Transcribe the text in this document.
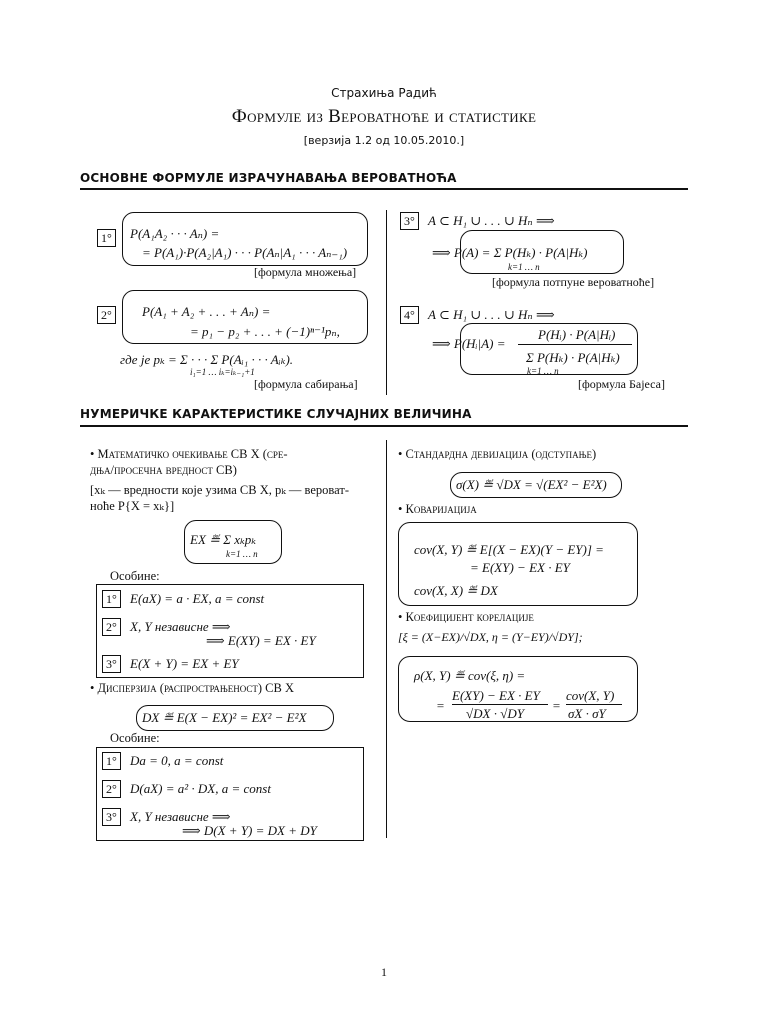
Страхиња Радић
Формуле из Вероватноће и статистике
[верзија 1.2 од 10.05.2010.]
ОСНОВНЕ ФОРМУЛЕ ИЗРАЧУНАВАЊА ВЕРОВАТНОЋА
1°	P(A₁A₂ · · · Aₙ) =
= P(A₁)·P(A₂|A₁) · · · P(Aₙ|A₁ · · · Aₙ₋₁)
[формула множења]
2°	P(A₁ + A₂ + . . . + Aₙ) =
= p₁ − p₂ + . . . + (−1)ⁿ⁻¹pₙ,
где је pₖ = Σ · · · Σ P(Aᵢ₁ · · · Aᵢₖ).
i₁=1 … iₖ=iₖ₋₁+1
[формула сабирања]
3°	A ⊂ H₁ ∪ . . . ∪ Hₙ ⟹
⟹ P(A) = Σ P(Hₖ) · P(A|Hₖ)
k=1 … n
[формула потпуне вероватноће]
4°	A ⊂ H₁ ∪ . . . ∪ Hₙ ⟹
⟹ P(Hᵢ|A) =
P(Hᵢ) · P(A|Hᵢ)
Σ P(Hₖ) · P(A|Hₖ)
k=1 … n
[формула Бајеса]
НУМЕРИЧКЕ КАРАКТЕРИСТИКЕ СЛУЧАЈНИХ ВЕЛИЧИНА
• Математичко очекивање СВ X (сре-
дња/просечна вредност СВ)
[xₖ — вредности које узима СВ X, pₖ — вероват-
ноће P{X = xₖ}]
EX ≝ Σ xₖpₖ
k=1 … n
Особине:
1°	E(aX) = a · EX, a = const
2°	X, Y независне ⟹
⟹ E(XY) = EX · EY
3°	E(X + Y) = EX + EY
• Дисперзија (распрострањеност) СВ X
DX ≝ E(X − EX)² = EX² − E²X
Особине:
1°	Da = 0, a = const
2°	D(aX) = a² · DX, a = const
3°	X, Y независне ⟹
⟹ D(X + Y) = DX + DY
• Стандардна девијација (одступање)
σ(X) ≝ √DX = √(EX² − E²X)
• Коваријација
cov(X, Y) ≝ E[(X − EX)(Y − EY)] =
= E(XY) − EX · EY
cov(X, X) ≝ DX
• Коефицијент корелације
[ξ = (X−EX)/√DX, η = (Y−EY)/√DY];
ρ(X, Y) ≝ cov(ξ, η) =
=
E(XY) − EX · EY
√DX · √DY
=
cov(X, Y)
σX · σY
1
